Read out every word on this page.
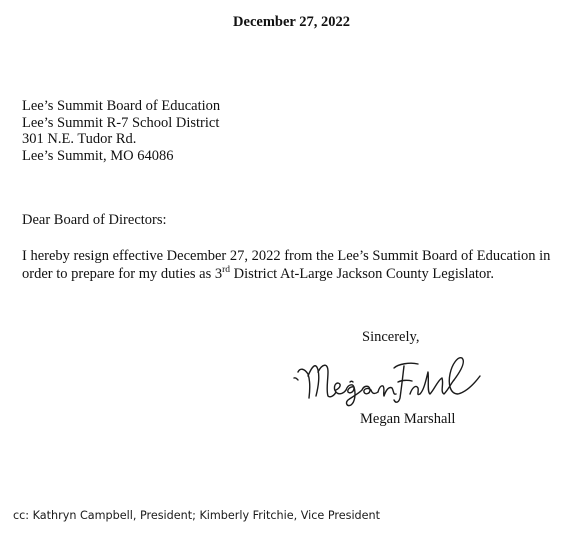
December 27, 2022
Lee’s Summit Board of Education
Lee’s Summit R-7 School District
301 N.E. Tudor Rd.
Lee’s Summit, MO 64086
Dear Board of Directors:
I hereby resign effective December 27, 2022 from the Lee’s Summit Board of Education in order to prepare for my duties as 3rd District At-Large Jackson County Legislator.
Sincerely,
Megan Marshall
cc: Kathryn Campbell, President; Kimberly Fritchie, Vice President
